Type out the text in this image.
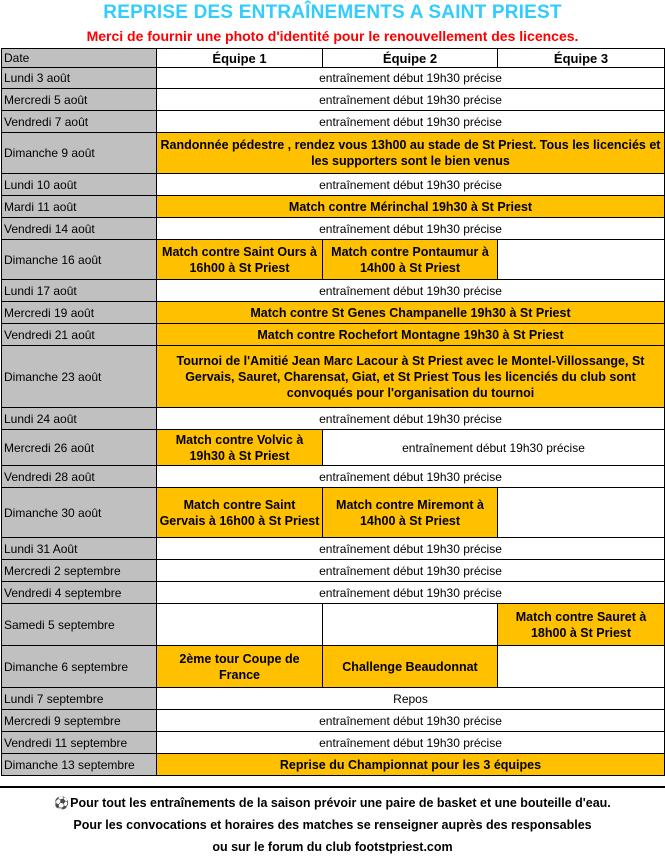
REPRISE DES ENTRAÎNEMENTS A SAINT PRIEST
Merci de fournir une photo d'identité pour le renouvellement des licences.
Date	Équipe 1	Équipe 2	Équipe 3
Lundi 3 août	entraînement début 19h30 précise		
Mercredi 5 août	entraînement début 19h30 précise		
Vendredi 7 août	entraînement début 19h30 précise		
Dimanche 9 août	Randonnée pédestre , rendez vous 13h00 au stade de St Priest. Tous les licenciés et les supporters sont le bien venus		
Lundi 10 août	entraînement début 19h30 précise		
Mardi 11 août	Match contre Mérinchal 19h30 à St Priest		
Vendredi 14 août	entraînement début 19h30 précise		
Dimanche 16 août	Match contre Saint Ours à 16h00 à St Priest	Match contre Pontaumur à 14h00 à St Priest	
Lundi 17 août	entraînement début 19h30 précise		
Mercredi 19 août	Match contre St Genes Champanelle 19h30 à St Priest		
Vendredi 21 août	Match contre Rochefort Montagne 19h30 à St Priest		
Dimanche 23 août	Tournoi de l'Amitié Jean Marc Lacour à St Priest avec le Montel-Villossange, St Gervais, Sauret, Charensat, Giat, et St Priest Tous les licenciés du club sont convoqués pour l'organisation du tournoi		
Lundi 24 août	entraînement début 19h30 précise		
Mercredi 26 août	Match contre Volvic à 19h30 à St Priest	entraînement début 19h30 précise	
Vendredi 28 août	entraînement début 19h30 précise		
Dimanche 30 août	Match contre Saint Gervais à 16h00 à St Priest	Match contre Miremont à 14h00 à St Priest	
Lundi 31 Août	entraînement début 19h30 précise		
Mercredi 2 septembre	entraînement début 19h30 précise		
Vendredi 4 septembre	entraînement début 19h30 précise		
Samedi 5 septembre			Match contre Sauret à 18h00 à St Priest
Dimanche 6 septembre	2ème tour Coupe de France	Challenge Beaudonnat	
Lundi 7 septembre	Repos		
Mercredi 9 septembre	entraînement début 19h30 précise		
Vendredi 11 septembre	entraînement début 19h30 précise		
Dimanche 13 septembre	Reprise du Championnat pour les 3 équipes		
⚽Pour tout les entraînements de la saison prévoir une paire de basket et une bouteille d'eau.
Pour les convocations et horaires des matches se renseigner auprès des responsables
ou sur le forum du club footstpriest.com
